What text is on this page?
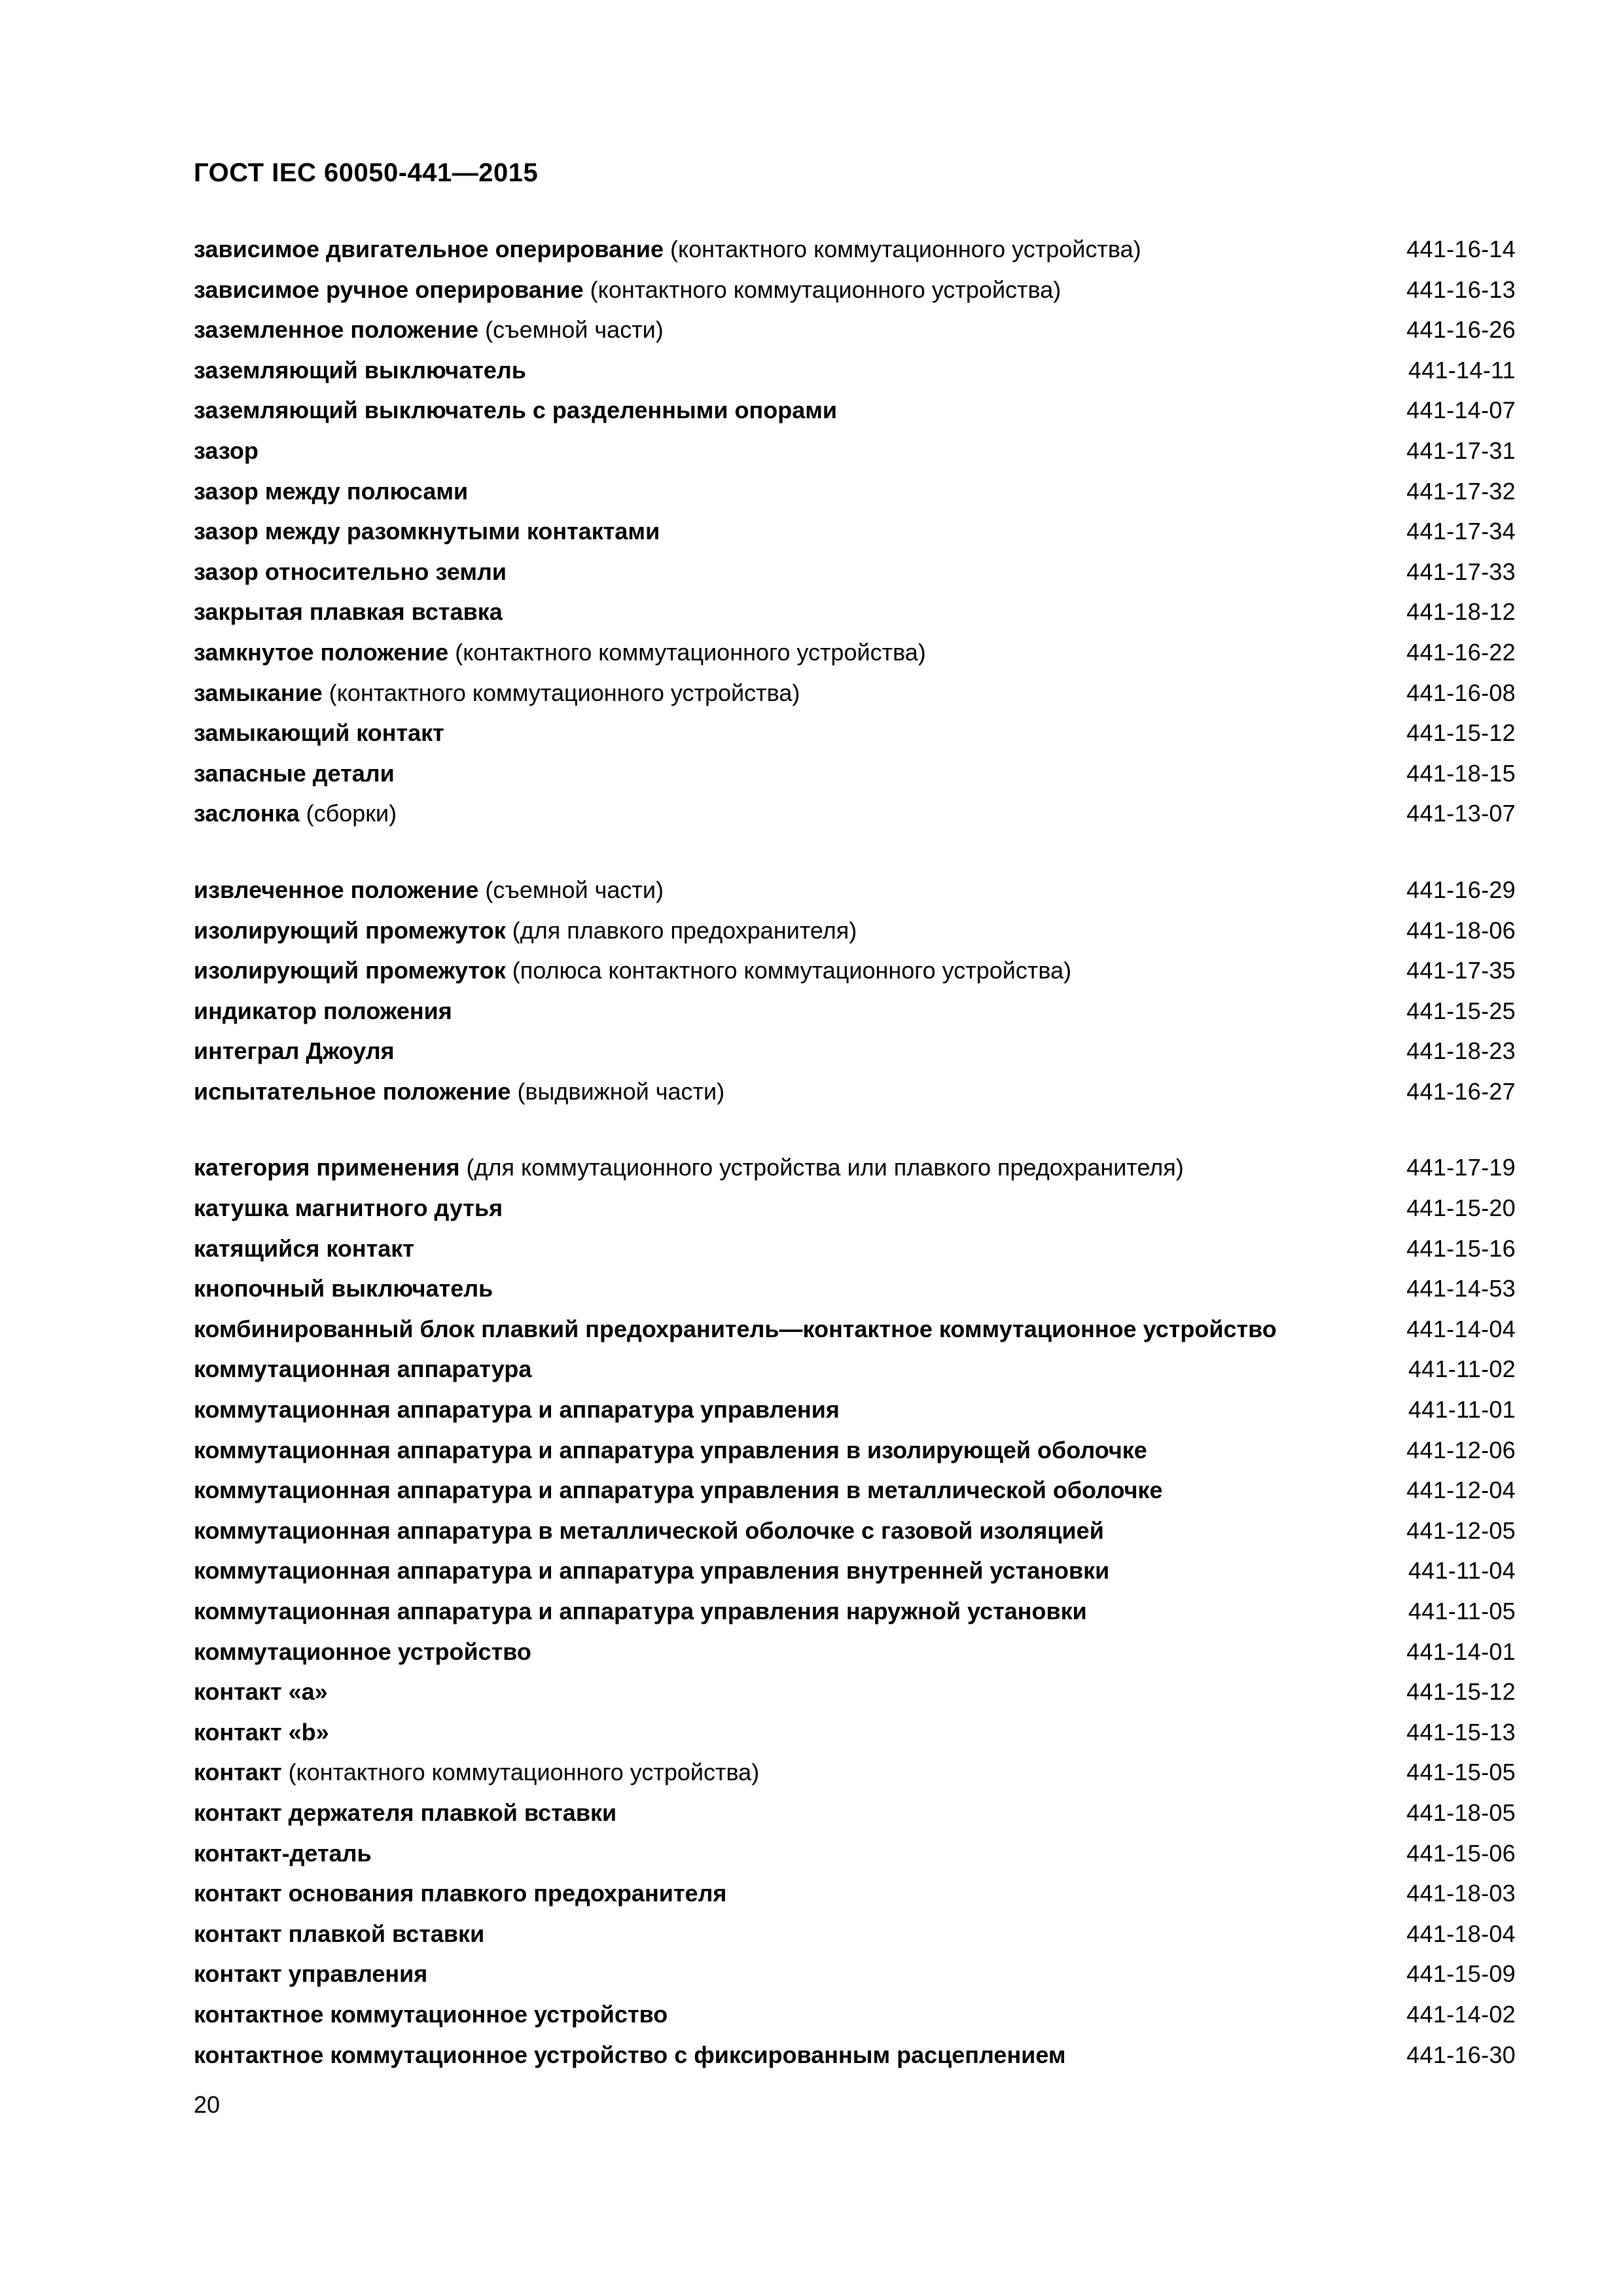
ГОСТ IEC 60050-441—2015
зависимое двигательное оперирование (контактного коммутационного устройства)	441-16-14
зависимое ручное оперирование (контактного коммутационного устройства)	441-16-13
заземленное положение (съемной части)	441-16-26
заземляющий выключатель	441-14-11
заземляющий выключатель с разделенными опорами	441-14-07
зазор	441-17-31
зазор между полюсами	441-17-32
зазор между разомкнутыми контактами	441-17-34
зазор относительно земли	441-17-33
закрытая плавкая вставка	441-18-12
замкнутое положение (контактного коммутационного устройства)	441-16-22
замыкание (контактного коммутационного устройства)	441-16-08
замыкающий контакт	441-15-12
запасные детали	441-18-15
заслонка (сборки)	441-13-07
извлеченное положение (съемной части)	441-16-29
изолирующий промежуток (для плавкого предохранителя)	441-18-06
изолирующий промежуток (полюса контактного коммутационного устройства)	441-17-35
индикатор положения	441-15-25
интеграл Джоуля	441-18-23
испытательное положение (выдвижной части)	441-16-27
категория применения (для коммутационного устройства или плавкого предохранителя)	441-17-19
катушка магнитного дутья	441-15-20
катящийся контакт	441-15-16
кнопочный выключатель	441-14-53
комбинированный блок плавкий предохранитель—контактное коммутационное устройство	441-14-04
коммутационная аппаратура	441-11-02
коммутационная аппаратура и аппаратура управления	441-11-01
коммутационная аппаратура и аппаратура управления в изолирующей оболочке	441-12-06
коммутационная аппаратура и аппаратура управления в металлической оболочке	441-12-04
коммутационная аппаратура в металлической оболочке с газовой изоляцией	441-12-05
коммутационная аппаратура и аппаратура управления внутренней установки	441-11-04
коммутационная аппаратура и аппаратура управления наружной установки	441-11-05
коммутационное устройство	441-14-01
контакт «a»	441-15-12
контакт «b»	441-15-13
контакт (контактного коммутационного устройства)	441-15-05
контакт держателя плавкой вставки	441-18-05
контакт-деталь	441-15-06
контакт основания плавкого предохранителя	441-18-03
контакт плавкой вставки	441-18-04
контакт управления	441-15-09
контактное коммутационное устройство	441-14-02
контактное коммутационное устройство с фиксированным расцеплением	441-16-30
20
